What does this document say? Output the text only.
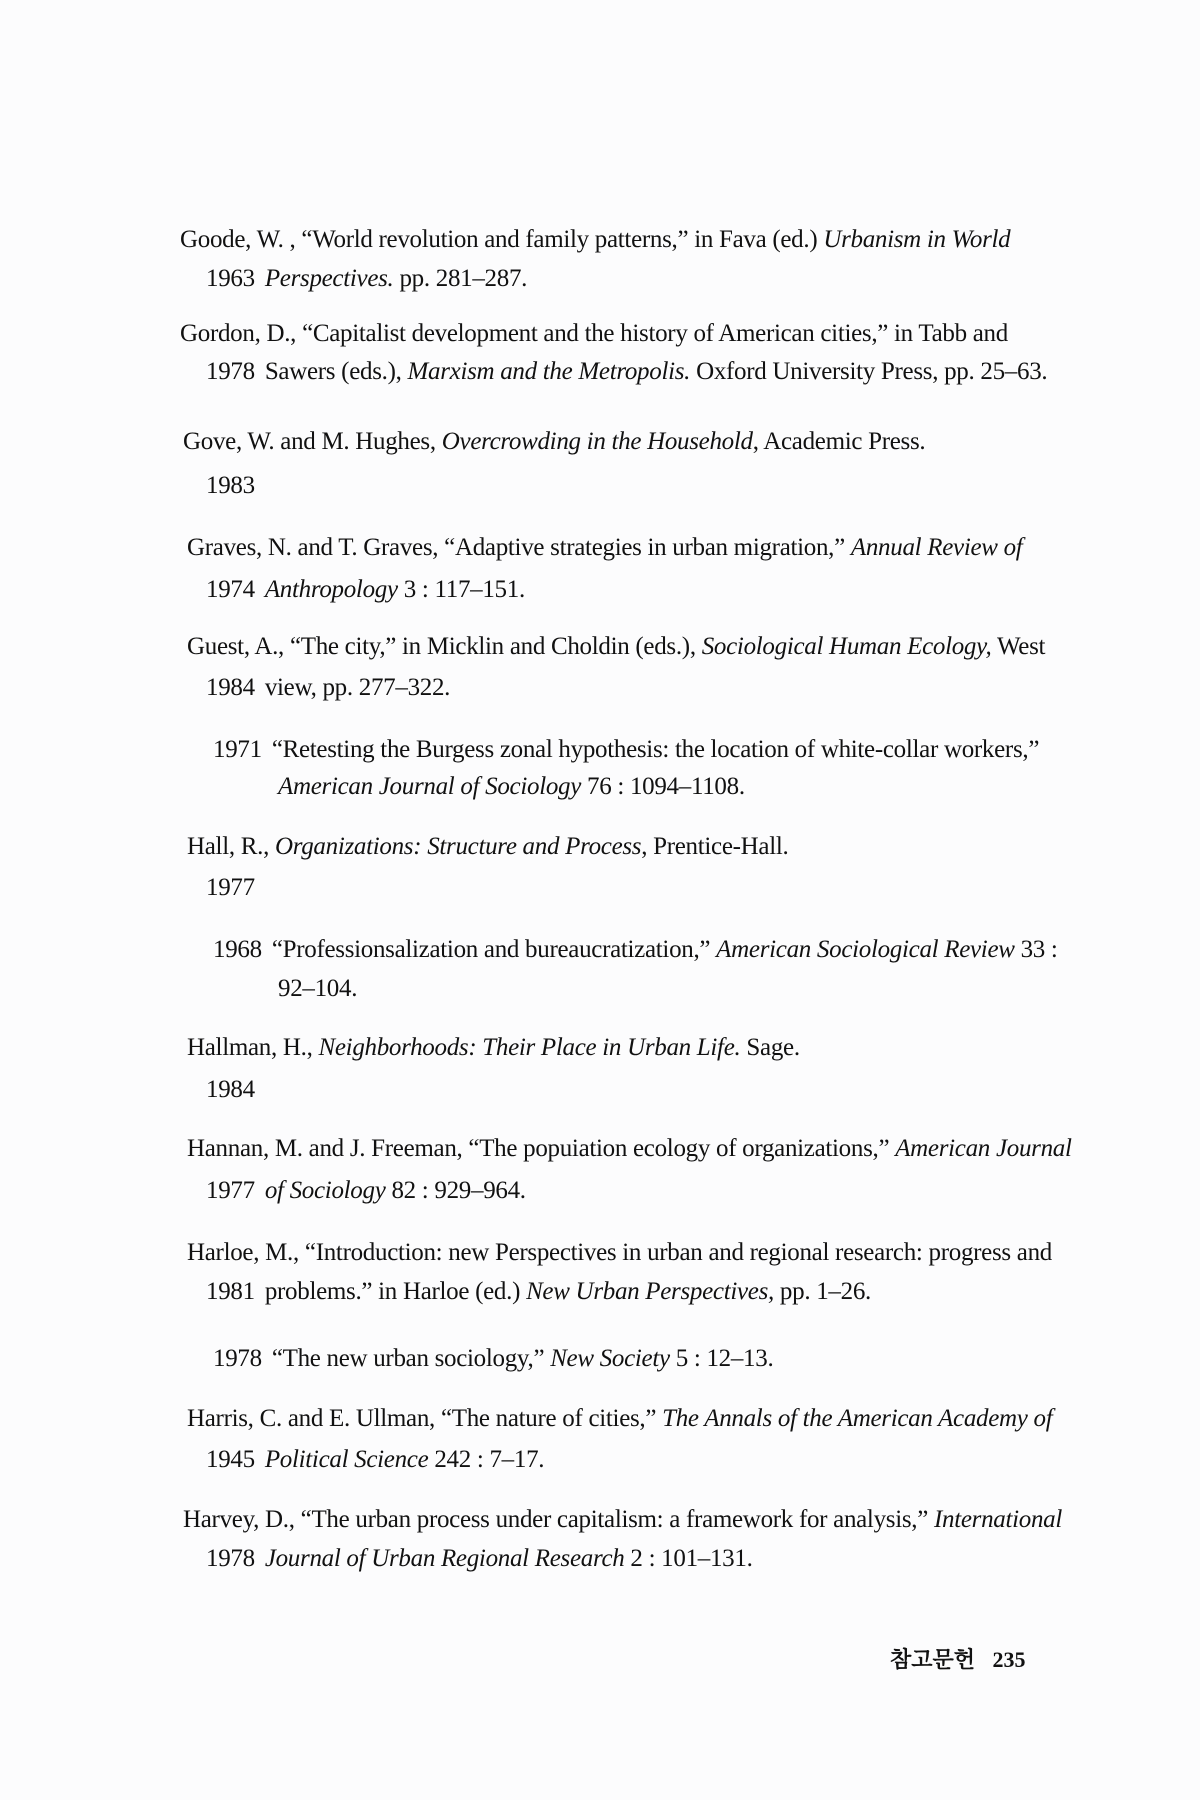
Goode, W. , “World revolution and family patterns,” in Fava (ed.) Urbanism in World
1963Perspectives. pp. 281–287.
Gordon, D., “Capitalist development and the history of American cities,” in Tabb and
1978Sawers (eds.), Marxism and the Metropolis. Oxford University Press, pp. 25–63.
Gove, W. and M. Hughes, Overcrowding in the Household, Academic Press.
1983
Graves, N. and T. Graves, “Adaptive strategies in urban migration,” Annual Review of
1974Anthropology 3 : 117–151.
Guest, A., “The city,” in Micklin and Choldin (eds.), Sociological Human Ecology, West
1984view, pp. 277–322.
1971“Retesting the Burgess zonal hypothesis: the location of white-collar workers,”
American Journal of Sociology 76 : 1094–1108.
Hall, R., Organizations: Structure and Process, Prentice-Hall.
1977
1968“Professionsalization and bureaucratization,” American Sociological Review 33 :
92–104.
Hallman, H., Neighborhoods: Their Place in Urban Life. Sage.
1984
Hannan, M. and J. Freeman, “The popuiation ecology of organizations,” American Journal
1977of Sociology 82 : 929–964.
Harloe, M., “Introduction: new Perspectives in urban and regional research: progress and
1981problems.” in Harloe (ed.) New Urban Perspectives, pp. 1–26.
1978“The new urban sociology,” New Society 5 : 12–13.
Harris, C. and E. Ullman, “The nature of cities,” The Annals of the American Academy of
1945Political Science 242 : 7–17.
Harvey, D., “The urban process under capitalism: a framework for analysis,” International
1978Journal of Urban Regional Research 2 : 101–131.
참고문헌 235
